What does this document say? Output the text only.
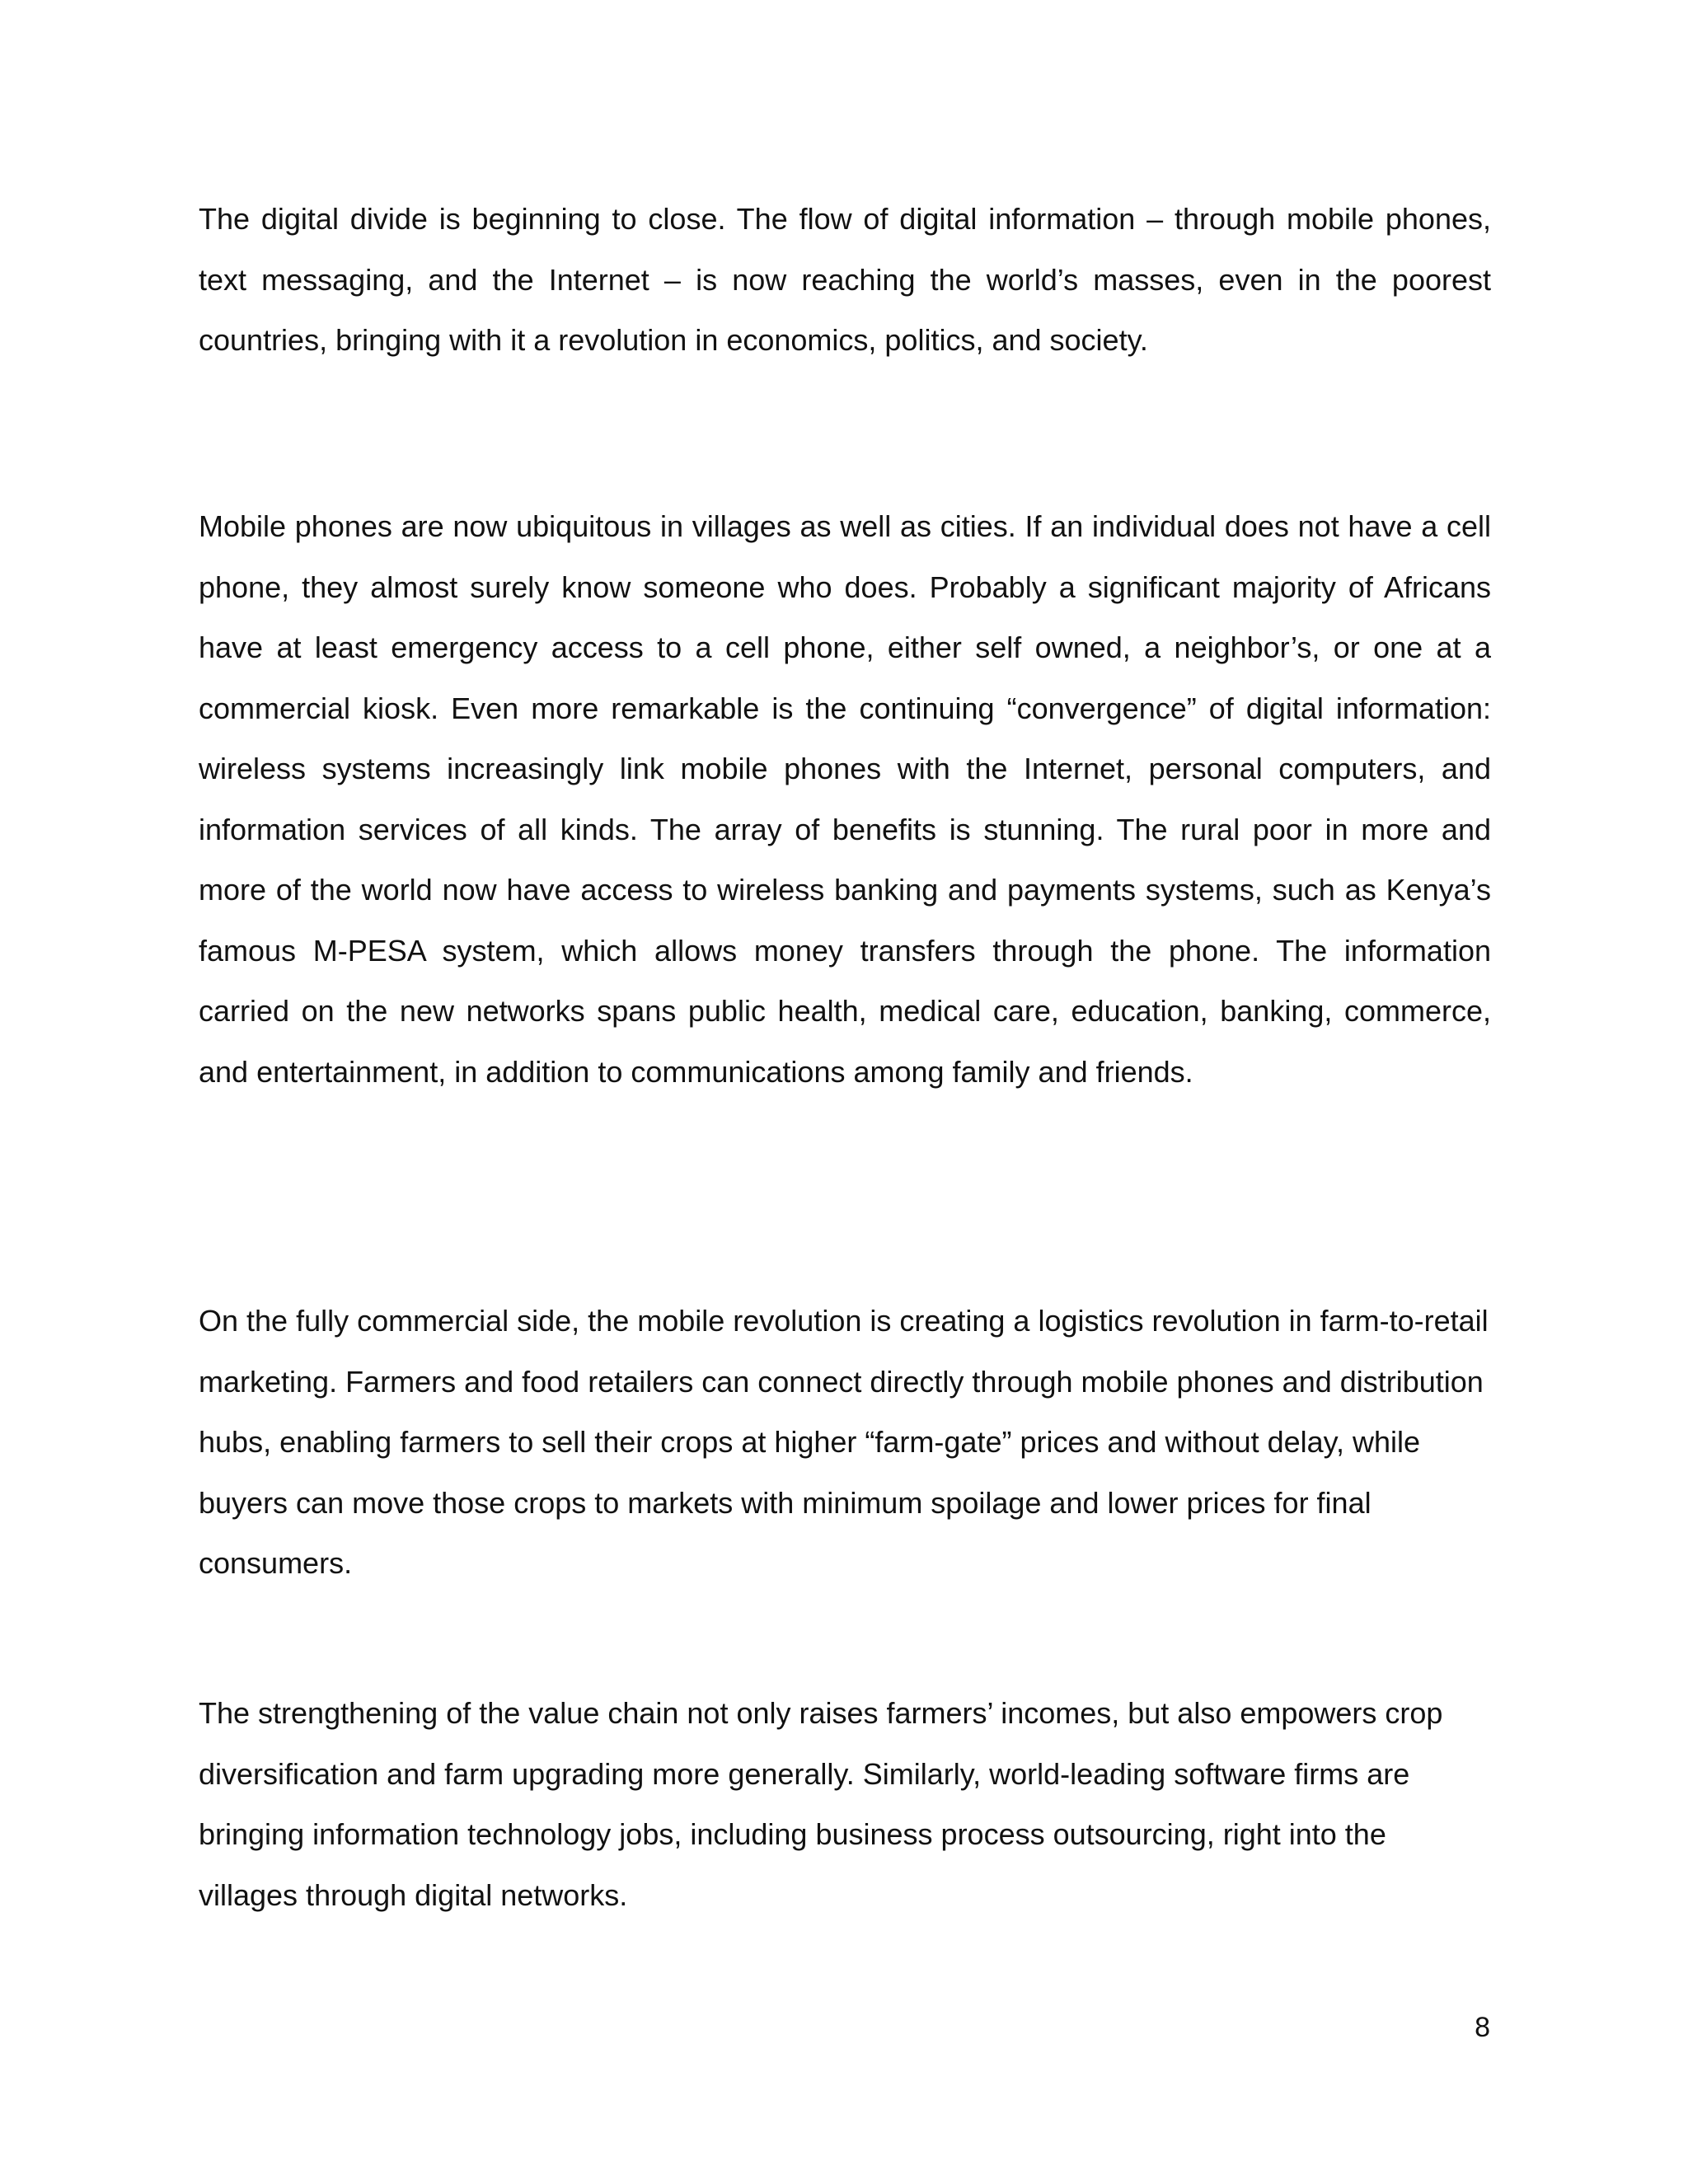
The digital divide is beginning to close. The flow of digital information – through mobile phones, text messaging, and the Internet – is now reaching the world’s masses, even in the poorest countries, bringing with it a revolution in economics, politics, and society.

Mobile phones are now ubiquitous in villages as well as cities. If an individual does not have a cell phone, they almost surely know someone who does. Probably a significant majority of Africans have at least emergency access to a cell phone, either self owned, a neighbor’s, or one at a commercial kiosk. Even more remarkable is the continuing “convergence” of digital information: wireless systems increasingly link mobile phones with the Internet, personal computers, and information services of all kinds. The array of benefits is stunning. The rural poor in more and more of the world now have access to wireless banking and payments systems, such as Kenya’s famous M-PESA system, which allows money transfers through the phone. The information carried on the new networks spans public health, medical care, education, banking, commerce, and entertainment, in addition to communications among family and friends.

On the fully commercial side, the mobile revolution is creating a logistics revolution in farm-to-retail marketing. Farmers and food retailers can connect directly through mobile phones and distribution hubs, enabling farmers to sell their crops at higher “farm-gate” prices and without delay, while buyers can move those crops to markets with minimum spoilage and lower prices for final consumers.

The strengthening of the value chain not only raises farmers’ incomes, but also empowers crop diversification and farm upgrading more generally. Similarly, world-leading software firms are bringing information technology jobs, including business process outsourcing, right into the villages through digital networks.

8
